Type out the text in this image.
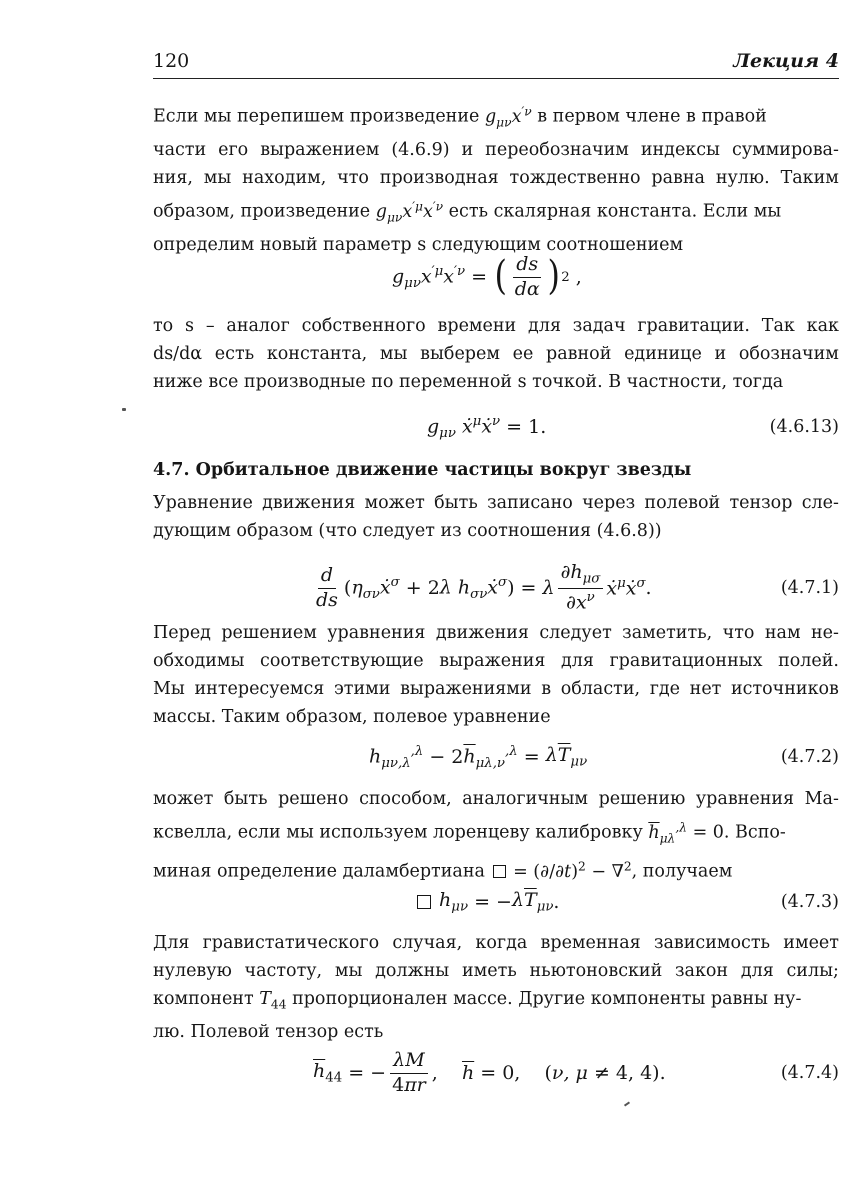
120	Лекция 4
Если мы перепишем произведение $g_{\mu\nu}x^{'\nu}$ в первом члене в правой
части его выражением (4.6.9) и переобозначим индексы суммирова-
ния, мы находим, что производная тождественно равна нулю. Таким
образом, произведение $g_{\mu\nu}x^{'\mu}x^{'\nu}$ есть скалярная константа. Если мы
определим новый параметр s следующим соотношением
$g_{\mu\nu}x^{'\mu}x^{'\nu}$ = ( $\frac{ds}{d\alpha}$ ) 2 ,
то s – аналог собственного времени для задач гравитации. Так как
ds/dα есть константа, мы выберем ее равной единице и обозначим
ниже все производные по переменной s точкой. В частности, тогда
$g_{\mu\nu}$ ẋ$^\mu$ẋ$^\nu$ = 1.	(4.6.13)
4.7. Орбитальное движение частицы вокруг звезды
Уравнение движения может быть записано через полевой тензор сле-
дующим образом (что следует из соотношения (4.6.8))
$\frac{d}{ds}$ ( $\eta_{\sigma\nu}ẋ^\sigma + 2$ λ $h_{\sigma\nu}ẋ^\sigma$ ) = λ $\frac{\partial h_{\mu\sigma}}{\partial x^\nu}$ ẋ$^\mu$ẋ$^\sigma$ .	(4.7.1)
Перед решением уравнения движения следует заметить, что нам не-
обходимы соответствующие выражения для гравитационных полей.
Мы интересуемся этими выражениями в области, где нет источников
массы. Таким образом, полевое уравнение
$h_{\mu\nu,\lambda}^{,\lambda} - 2$ $\overline{h}_{\mu\lambda,\nu}^{,\lambda} = \lambda\overline{T}_{\mu\nu}$	(4.7.2)
может быть решено способом, аналогичным решению уравнения Ма-
ксвелла, если мы используем лоренцеву калибровку $\overline{h}_{\mu\lambda}^{,\lambda} = 0$. Вспо-
миная определение даламбертиана  = $(\partial/\partial t)^2 - \nabla^2$, получаем

$h_{\mu\nu}$ = − $\lambda\overline{T}_{\mu\nu}$ .	(4.7.3)
Для гравистатического случая, когда временная зависимость имеет
нулевую частоту, мы должны иметь ньютоновский закон для силы;
компонент $T_{44}$ пропорционален массе. Другие компоненты равны ну-
лю. Полевой тензор есть
$\overline{h}_{44}$ = − $\frac{\lambda M}{4\pi r}$ , $\overline{h} = 0$,    ( ν, μ ≠ 4, 4).	(4.7.4)
